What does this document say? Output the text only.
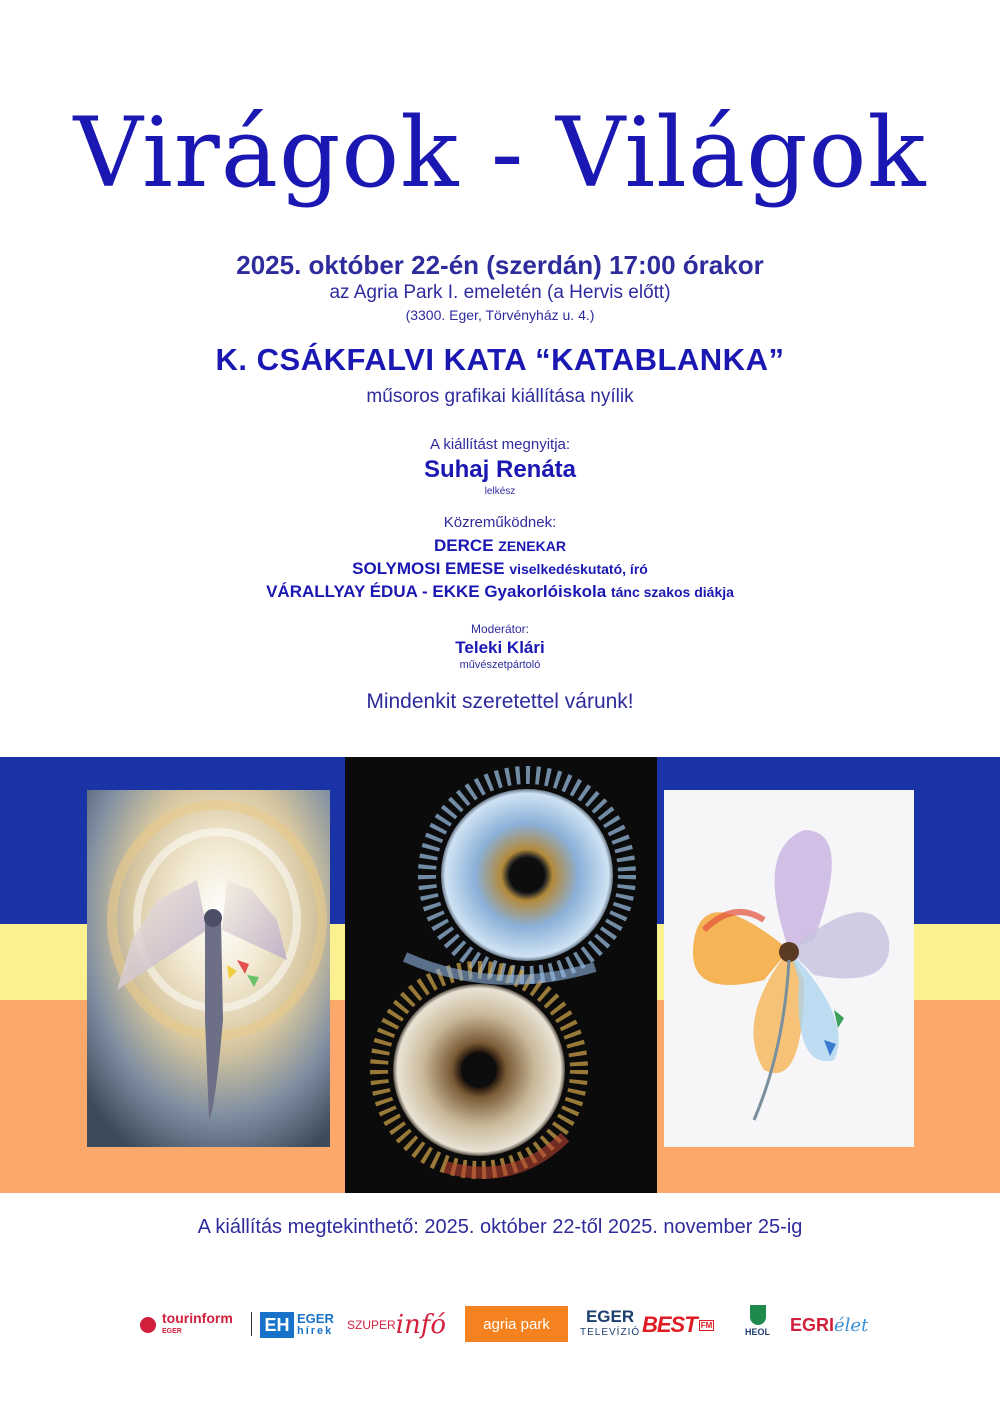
Virágok - Világok
2025. október 22-én (szerdán) 17:00 órakor
az Agria Park I. emeletén (a Hervis előtt)
(3300. Eger, Törvényház u. 4.)
K. CSÁKFALVI KATA “KATABLANKA”
műsoros grafikai kiállítása nyílik
A kiállítást megnyitja:
Suhaj Renáta
lelkész
Közreműködnek:
DERCE ZENEKAR
SOLYMOSI EMESE viselkedéskutató, író
VÁRALLYAY ÉDUA - EKKE Gyakorlóiskola tánc szakos diákja
Moderátor:
Teleki Klári
művészetpártoló
Mindenkit szeretettel várunk!
A kiállítás megtekinthető: 2025. október 22-től 2025. november 25-ig
tourinform
EGER	EH EGER
hírek SZUPER infó	agria park	EGER
TELEVÍZIÓ BEST FM
HEOL EGRI élet
